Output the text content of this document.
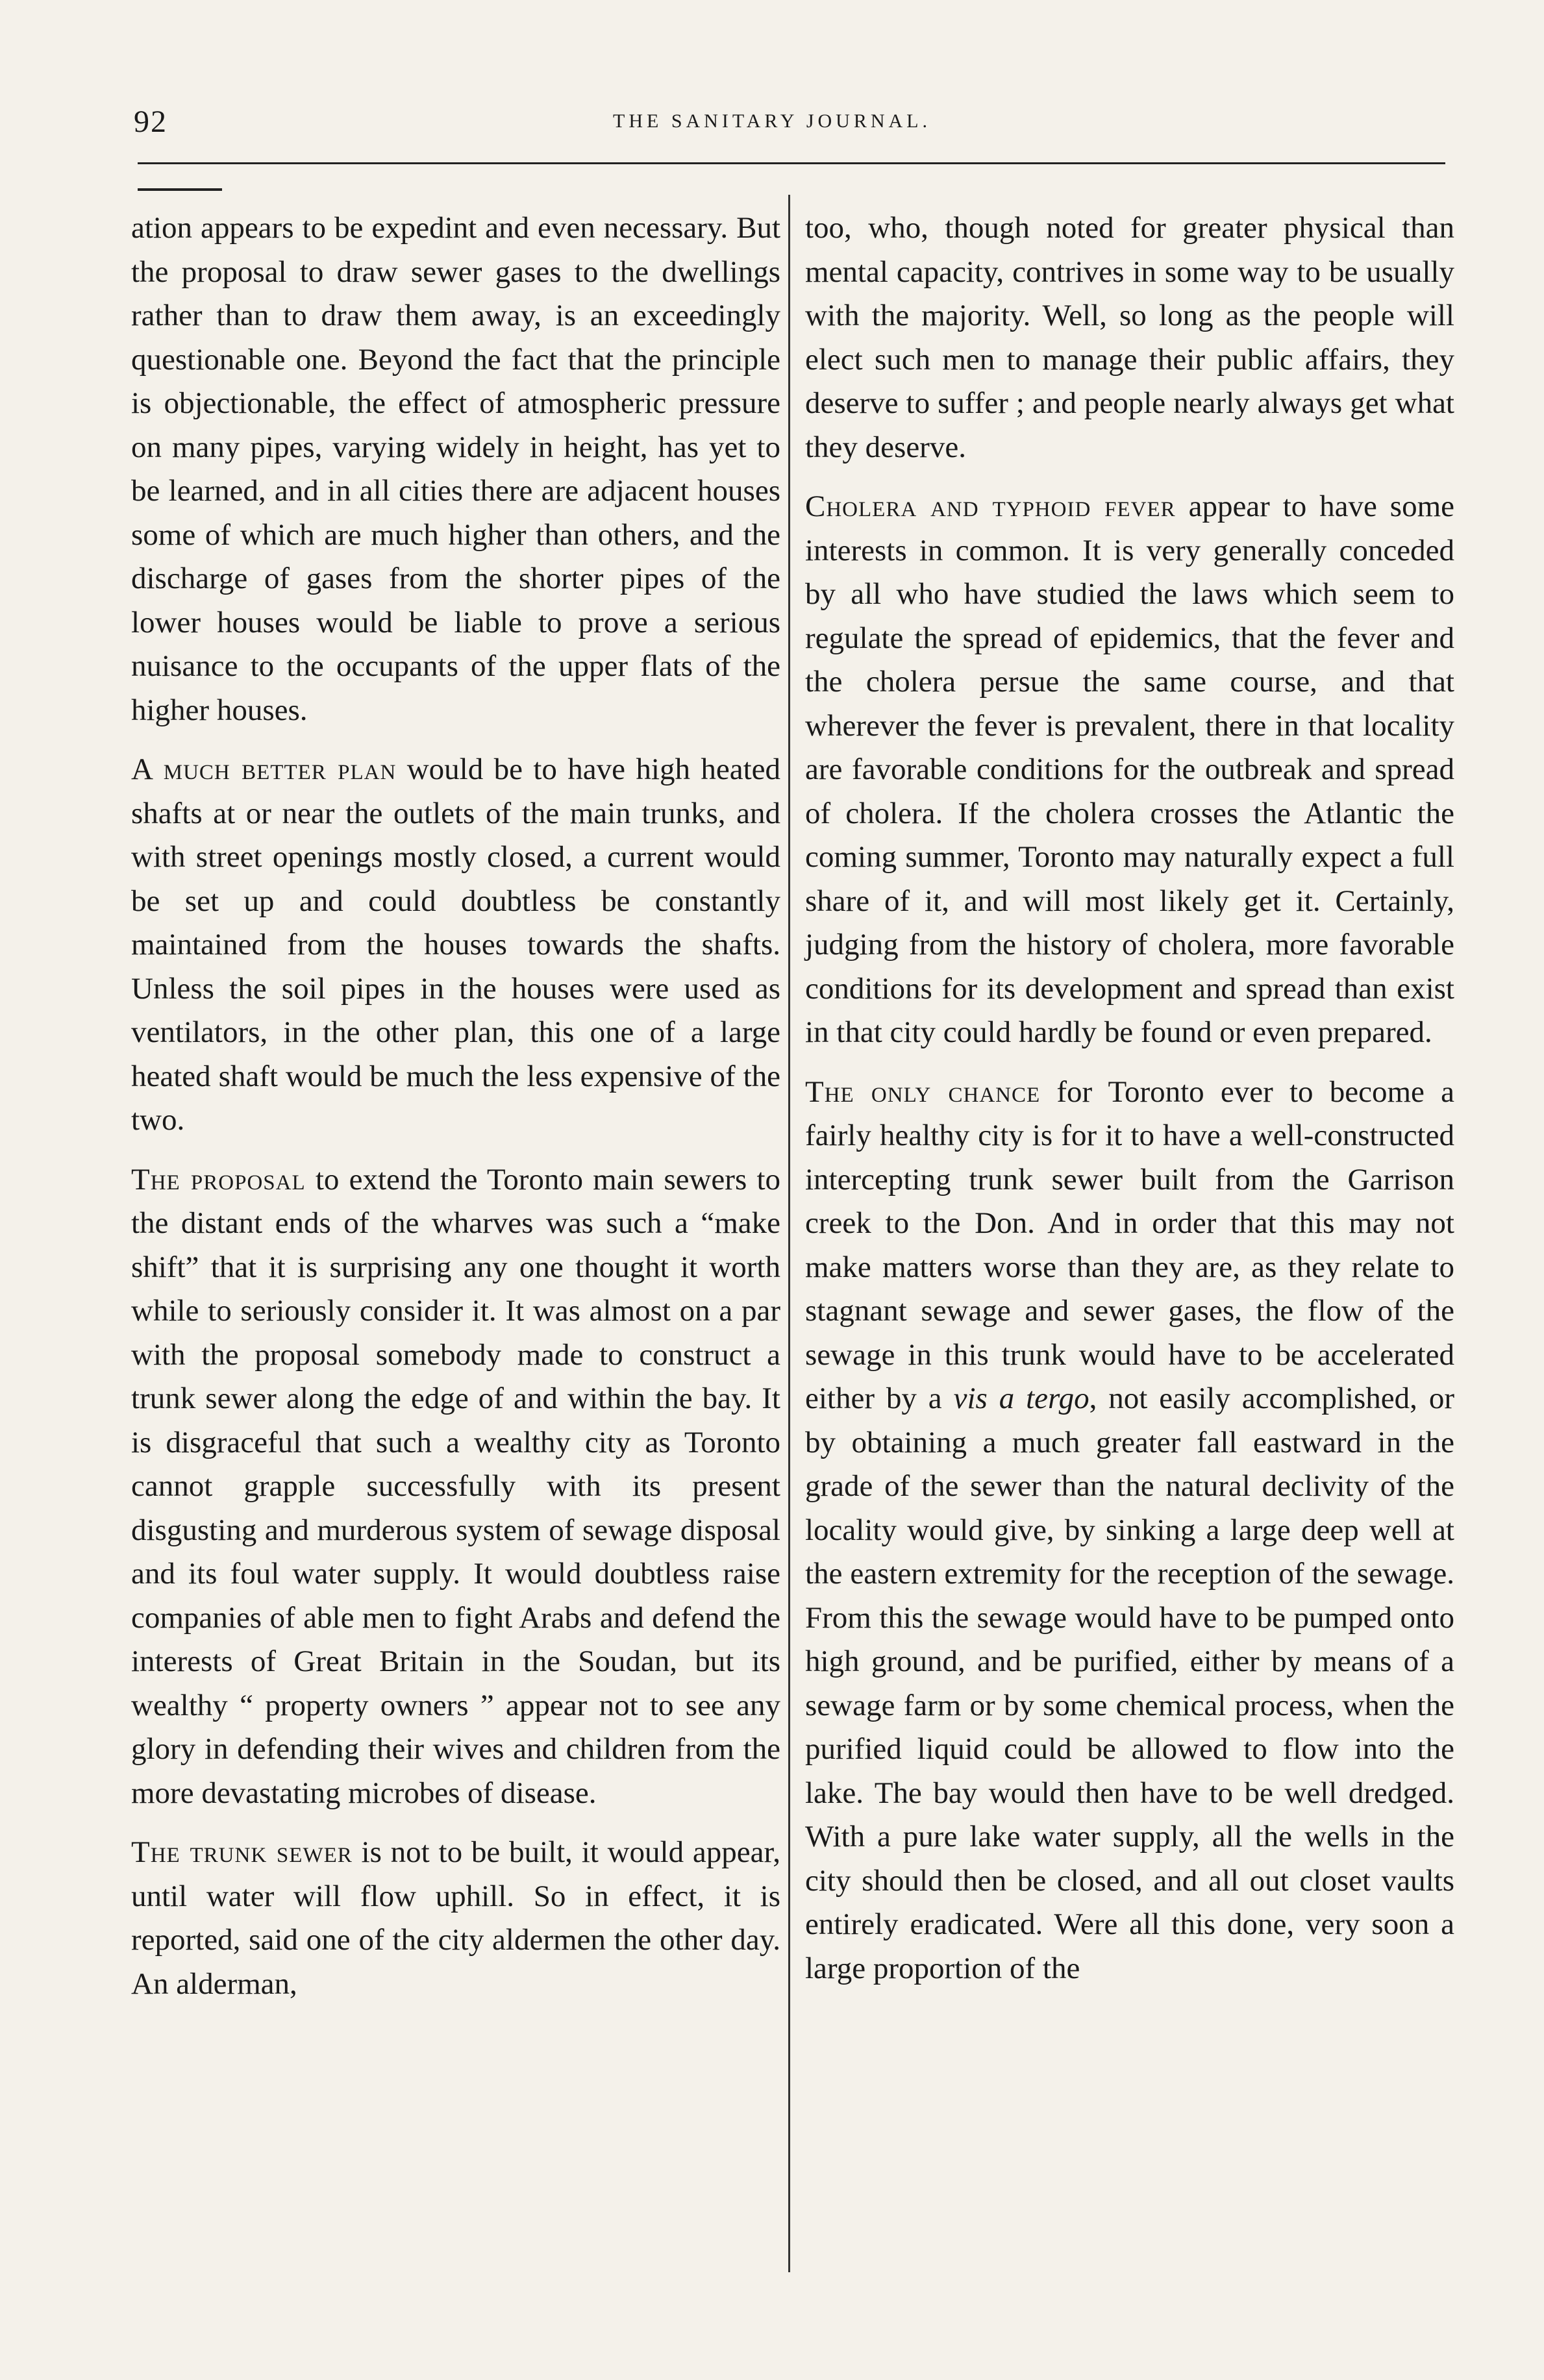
92	THE SANITARY JOURNAL.

ation appears to be expedint and even necessary. But the proposal to draw sewer gases to the dwellings rather than to draw them away, is an exceedingly questionable one. Beyond the fact that the principle is objectionable, the effect of atmospheric pressure on many pipes, varying widely in height, has yet to be learned, and in all cities there are adjacent houses some of which are much higher than others, and the discharge of gases from the shorter pipes of the lower houses would be liable to prove a serious nuisance to the occupants of the upper flats of the higher houses.

A much better plan would be to have high heated shafts at or near the outlets of the main trunks, and with street openings mostly closed, a current would be set up and could doubtless be constantly maintained from the houses towards the shafts. Unless the soil pipes in the houses were used as ventilators, in the other plan, this one of a large heated shaft would be much the less expensive of the two.

The proposal to extend the Toronto main sewers to the distant ends of the wharves was such a “make shift” that it is surprising any one thought it worth while to seriously consider it. It was almost on a par with the proposal somebody made to construct a trunk sewer along the edge of and within the bay. It is disgraceful that such a wealthy city as Toronto cannot grapple successfully with its present disgusting and murderous system of sewage disposal and its foul water supply. It would doubtless raise companies of able men to fight Arabs and defend the interests of Great Britain in the Soudan, but its wealthy “ property owners ” appear not to see any glory in defending their wives and children from the more devastating microbes of disease.

The trunk sewer is not to be built, it would appear, until water will flow uphill. So in effect, it is reported, said one of the city aldermen the other day. An alderman,

too, who, though noted for greater physical than mental capacity, contrives in some way to be usually with the majority. Well, so long as the people will elect such men to manage their public affairs, they deserve to suffer ; and people nearly always get what they deserve.

Cholera and typhoid fever appear to have some interests in common. It is very generally conceded by all who have studied the laws which seem to regulate the spread of epidemics, that the fever and the cholera persue the same course, and that wherever the fever is prevalent, there in that locality are favorable conditions for the outbreak and spread of cholera. If the cholera crosses the Atlantic the coming summer, Toronto may naturally expect a full share of it, and will most likely get it. Certainly, judging from the history of cholera, more favorable conditions for its development and spread than exist in that city could hardly be found or even prepared.

The only chance for Toronto ever to become a fairly healthy city is for it to have a well-constructed intercepting trunk sewer built from the Garrison creek to the Don. And in order that this may not make matters worse than they are, as they relate to stagnant sewage and sewer gases, the flow of the sewage in this trunk would have to be accelerated either by a vis a tergo, not easily accomplished, or by obtaining a much greater fall eastward in the grade of the sewer than the natural declivity of the locality would give, by sinking a large deep well at the eastern extremity for the reception of the sewage. From this the sewage would have to be pumped onto high ground, and be purified, either by means of a sewage farm or by some chemical process, when the purified liquid could be allowed to flow into the lake. The bay would then have to be well dredged. With a pure lake water supply, all the wells in the city should then be closed, and all out closet vaults entirely eradicated. Were all this done, very soon a large proportion of the
